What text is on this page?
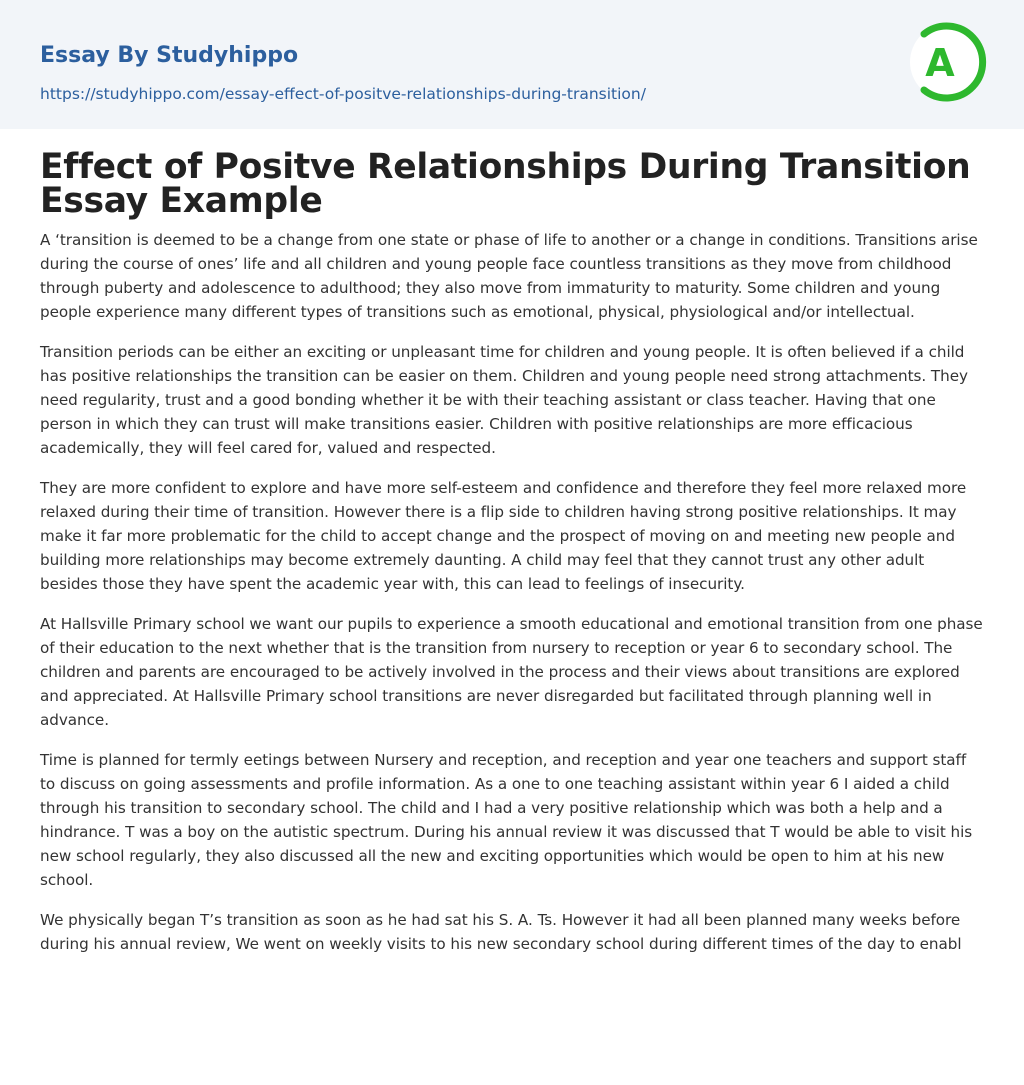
Essay By Studyhippo
https://studyhippo.com/essay-effect-of-positve-relationships-during-transition/
A
Effect of Positve Relationships During Transition Essay Example

A ‘transition is deemed to be a change from one state or phase of life to another or a change in conditions. Transitions arise during the course of ones’ life and all children and young people face countless transitions as they move from childhood through puberty and adolescence to adulthood; they also move from immaturity to maturity. Some children and young people experience many different types of transitions such as emotional, physical, physiological and/or intellectual.

Transition periods can be either an exciting or unpleasant time for children and young people. It is often believed if a child has positive relationships the transition can be easier on them. Children and young people need strong attachments. They need regularity, trust and a good bonding whether it be with their teaching assistant or class teacher. Having that one person in which they can trust will make transitions easier. Children with positive relationships are more efficacious academically, they will feel cared for, valued and respected.

They are more confident to explore and have more self-esteem and confidence and therefore they feel more relaxed more relaxed during their time of transition. However there is a flip side to children having strong positive relationships. It may make it far more problematic for the child to accept change and the prospect of moving on and meeting new people and building more relationships may become extremely daunting. A child may feel that they cannot trust any other adult besides those they have spent the academic year with, this can lead to feelings of insecurity.

At Hallsville Primary school we want our pupils to experience a smooth educational and emotional transition from one phase of their education to the next whether that is the transition from nursery to reception or year 6 to secondary school. The children and parents are encouraged to be actively involved in the process and their views about transitions are explored and appreciated. At Hallsville Primary school transitions are never disregarded but facilitated through planning well in advance.

Time is planned for termly eetings between Nursery and reception, and reception and year one teachers and support staff to discuss on going assessments and profile information. As a one to one teaching assistant within year 6 I aided a child through his transition to secondary school. The child and I had a very positive relationship which was both a help and a hindrance. T was a boy on the autistic spectrum. During his annual review it was discussed that T would be able to visit his new school regularly, they also discussed all the new and exciting opportunities which would be open to him at his new school.

We physically began T’s transition as soon as he had sat his S. A. Ts. However it had all been planned many weeks before during his annual review, We went on weekly visits to his new secondary school during different times of the day to enabl
